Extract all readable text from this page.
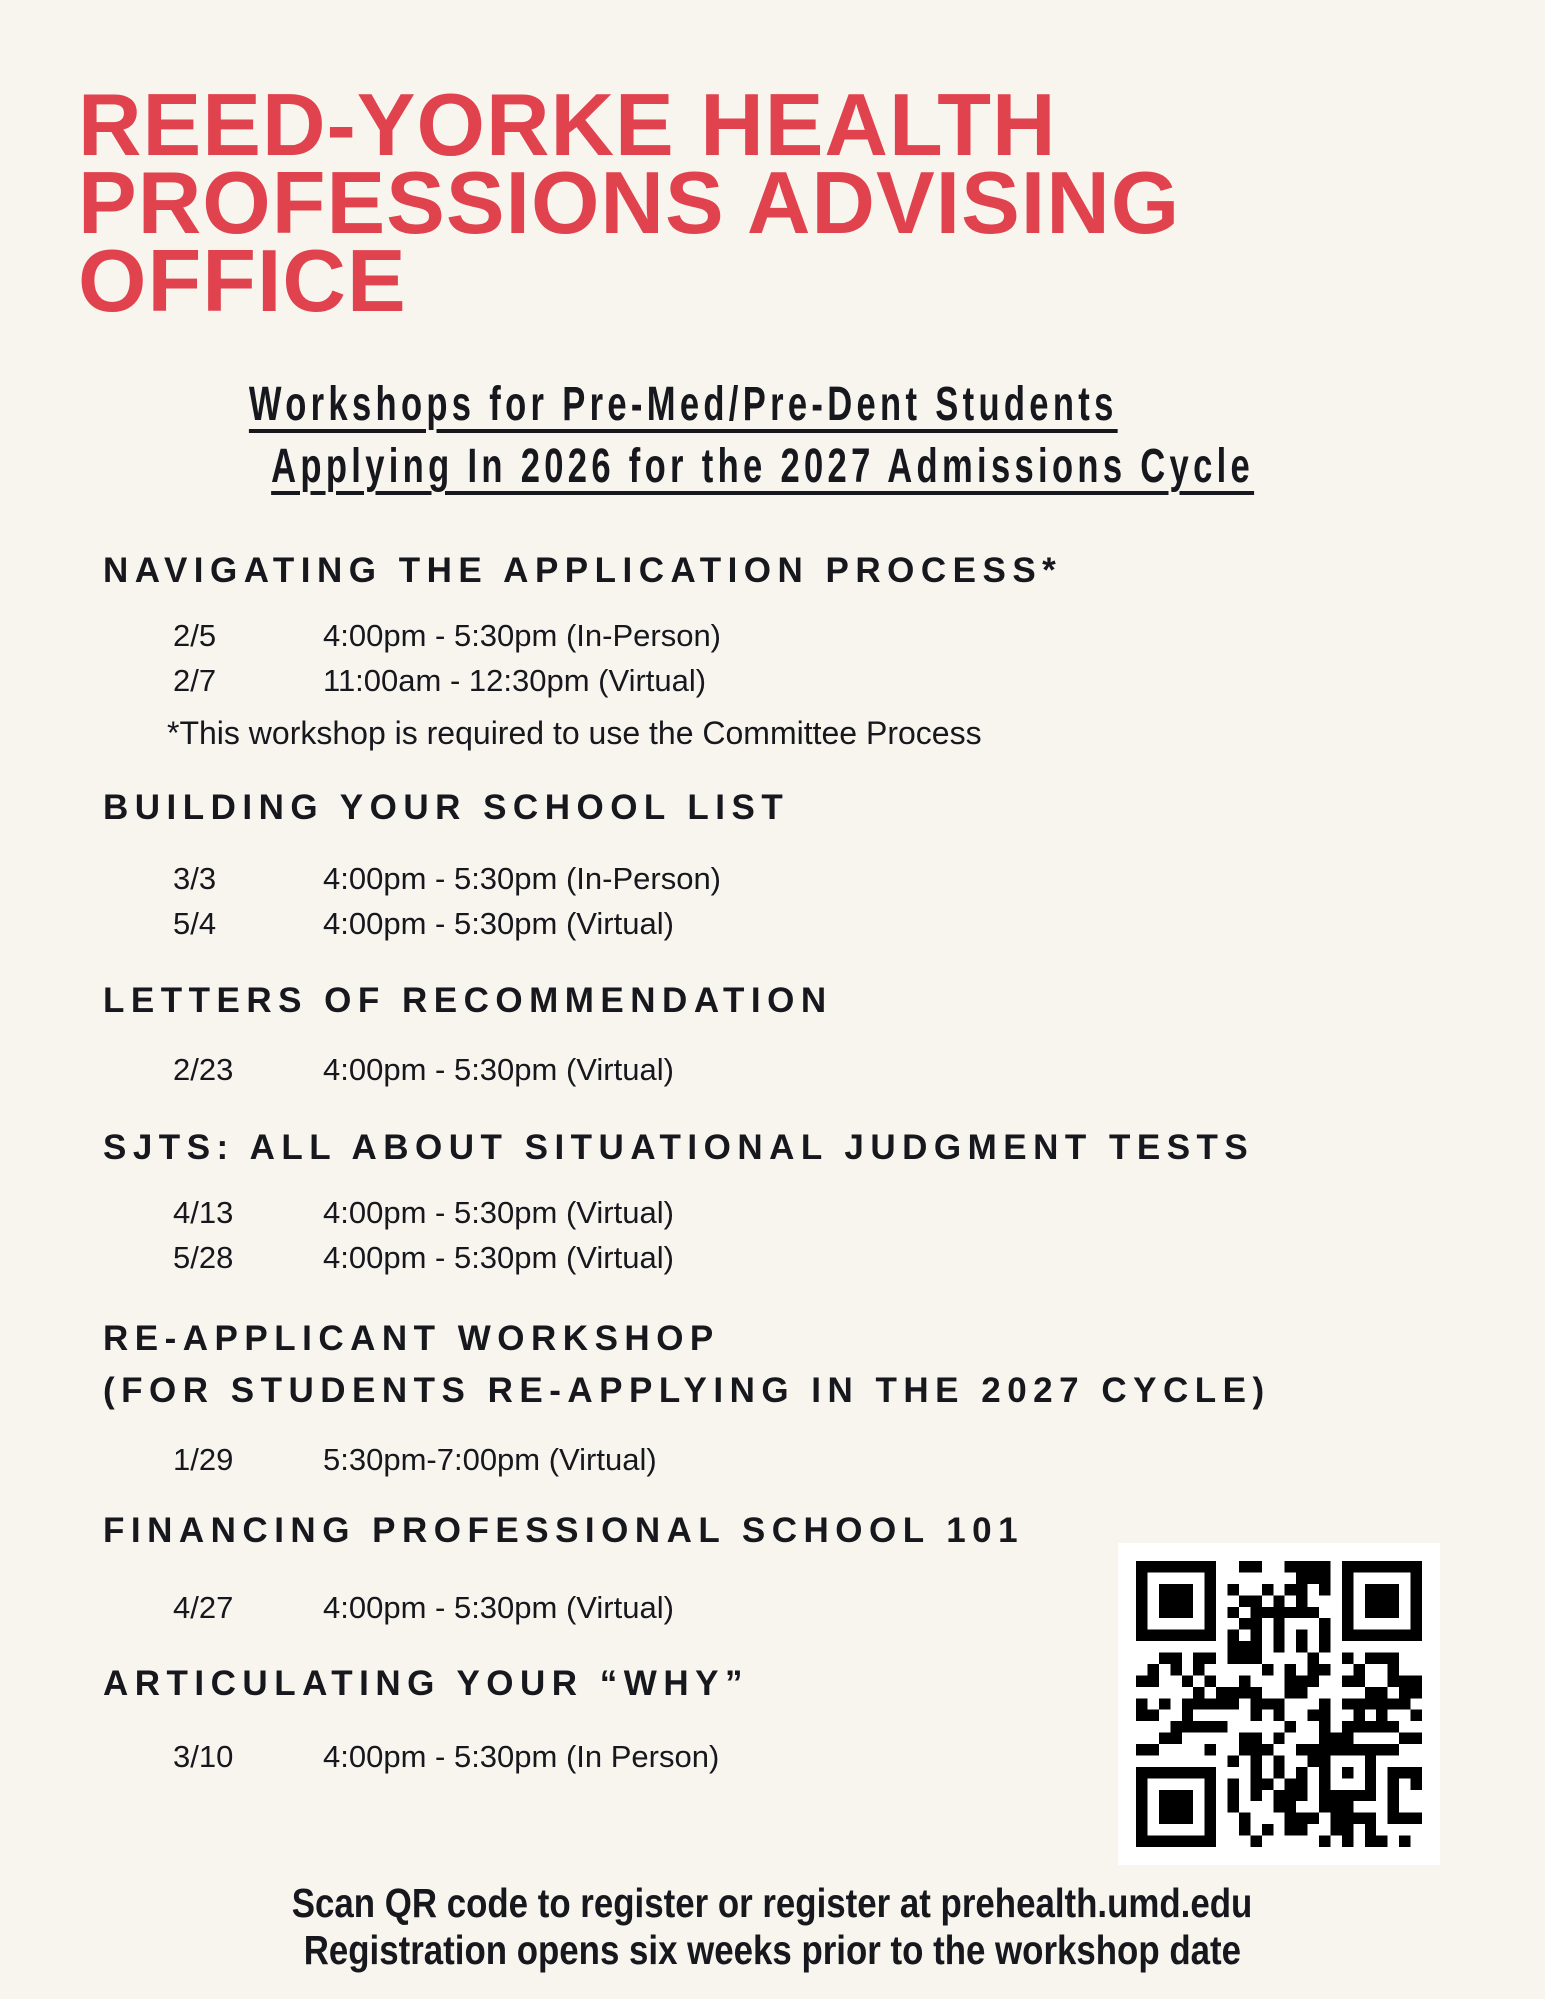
REED-YORKE HEALTH
PROFESSIONS ADVISING
OFFICE
Workshops for Pre-Med/Pre-Dent Students
Applying In 2026 for the 2027 Admissions Cycle
NAVIGATING THE APPLICATION PROCESS*
2/5	4:00pm - 5:30pm (In-Person)
2/7	11:00am - 12:30pm (Virtual)
*This workshop is required to use the Committee Process
BUILDING YOUR SCHOOL LIST
3/3	4:00pm - 5:30pm (In-Person)
5/4	4:00pm - 5:30pm (Virtual)
LETTERS OF RECOMMENDATION
2/23	4:00pm - 5:30pm (Virtual)
SJTS: ALL ABOUT SITUATIONAL JUDGMENT TESTS
4/13	4:00pm - 5:30pm (Virtual)
5/28	4:00pm - 5:30pm (Virtual)
RE-APPLICANT WORKSHOP
(FOR STUDENTS RE-APPLYING IN THE 2027 CYCLE)
1/29	5:30pm-7:00pm (Virtual)
FINANCING PROFESSIONAL SCHOOL 101
4/27	4:00pm - 5:30pm (Virtual)
ARTICULATING YOUR “WHY”
3/10	4:00pm - 5:30pm (In Person)
Scan QR code to register or register at prehealth.umd.edu
Registration opens six weeks prior to the workshop date
